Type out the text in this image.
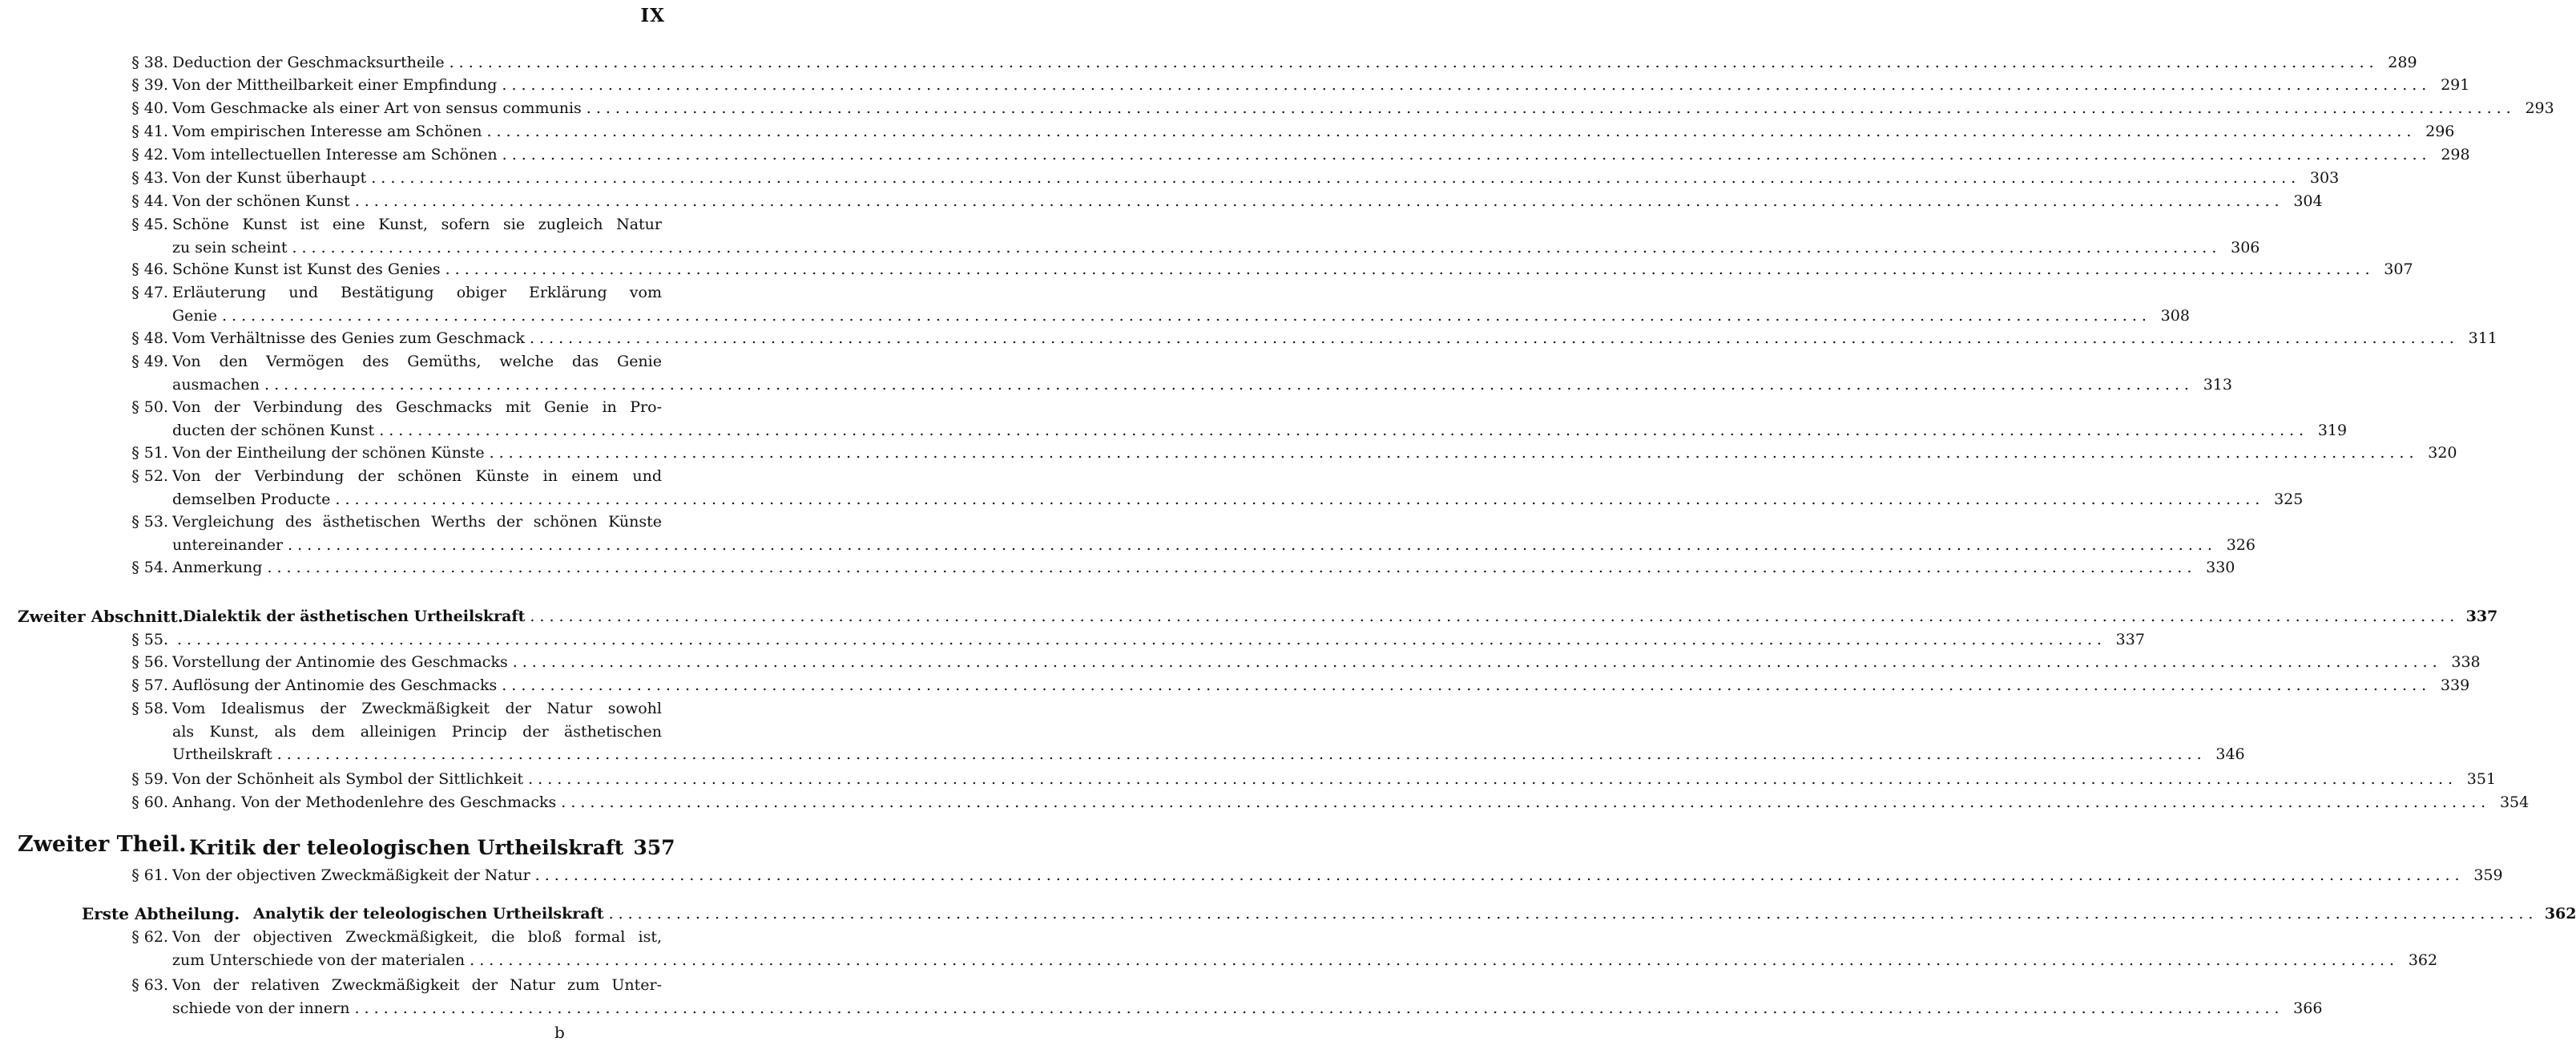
IX
§ 38. Deduction der Geschmacksurtheile ........................................................................................................................................................................................................ 289
§ 39. Von der Mittheilbarkeit einer Empfindung ........................................................................................................................................................................................................ 291
§ 40. Vom Geschmacke als einer Art von sensus communis ........................................................................................................................................................................................................ 293
§ 41. Vom empirischen Interesse am Schönen ........................................................................................................................................................................................................ 296
§ 42. Vom intellectuellen Interesse am Schönen ........................................................................................................................................................................................................ 298
§ 43. Von der Kunst überhaupt ........................................................................................................................................................................................................ 303
§ 44. Von der schönen Kunst ........................................................................................................................................................................................................ 304
§ 45. Schöne Kunst ist eine Kunst, sofern sie zugleich Natur
zu sein scheint ........................................................................................................................................................................................................ 306
§ 46. Schöne Kunst ist Kunst des Genies ........................................................................................................................................................................................................ 307
§ 47. Erläuterung und Bestätigung obiger Erklärung vom
Genie ........................................................................................................................................................................................................ 308
§ 48. Vom Verhältnisse des Genies zum Geschmack ........................................................................................................................................................................................................ 311
§ 49. Von den Vermögen des Gemüths, welche das Genie
ausmachen ........................................................................................................................................................................................................ 313
§ 50. Von der Verbindung des Geschmacks mit Genie in Pro-
ducten der schönen Kunst ........................................................................................................................................................................................................ 319
§ 51. Von der Eintheilung der schönen Künste ........................................................................................................................................................................................................ 320
§ 52. Von der Verbindung der schönen Künste in einem und
demselben Producte ........................................................................................................................................................................................................ 325
§ 53. Vergleichung des ästhetischen Werths der schönen Künste
untereinander ........................................................................................................................................................................................................ 326
§ 54. Anmerkung ........................................................................................................................................................................................................ 330
Zweiter Abschnitt. Dialektik der ästhetischen Urtheilskraft ........................................................................................................................................................................................................ 337
§ 55. ........................................................................................................................................................................................................ 337
§ 56. Vorstellung der Antinomie des Geschmacks ........................................................................................................................................................................................................ 338
§ 57. Auflösung der Antinomie des Geschmacks ........................................................................................................................................................................................................ 339
§ 58. Vom Idealismus der Zweckmäßigkeit der Natur sowohl
als Kunst, als dem alleinigen Princip der ästhetischen
Urtheilskraft ........................................................................................................................................................................................................ 346
§ 59. Von der Schönheit als Symbol der Sittlichkeit ........................................................................................................................................................................................................ 351
§ 60. Anhang. Von der Methodenlehre des Geschmacks ........................................................................................................................................................................................................ 354
Zweiter Theil. Kritik der teleologischen Urtheilskraft 357
§ 61. Von der objectiven Zweckmäßigkeit der Natur ........................................................................................................................................................................................................ 359
Erste Abtheilung. Analytik der teleologischen Urtheilskraft ........................................................................................................................................................................................................ 362
§ 62. Von der objectiven Zweckmäßigkeit, die bloß formal ist,
zum Unterschiede von der materialen ........................................................................................................................................................................................................ 362
§ 63. Von der relativen Zweckmäßigkeit der Natur zum Unter-
schiede von der innern ........................................................................................................................................................................................................ 366
b
